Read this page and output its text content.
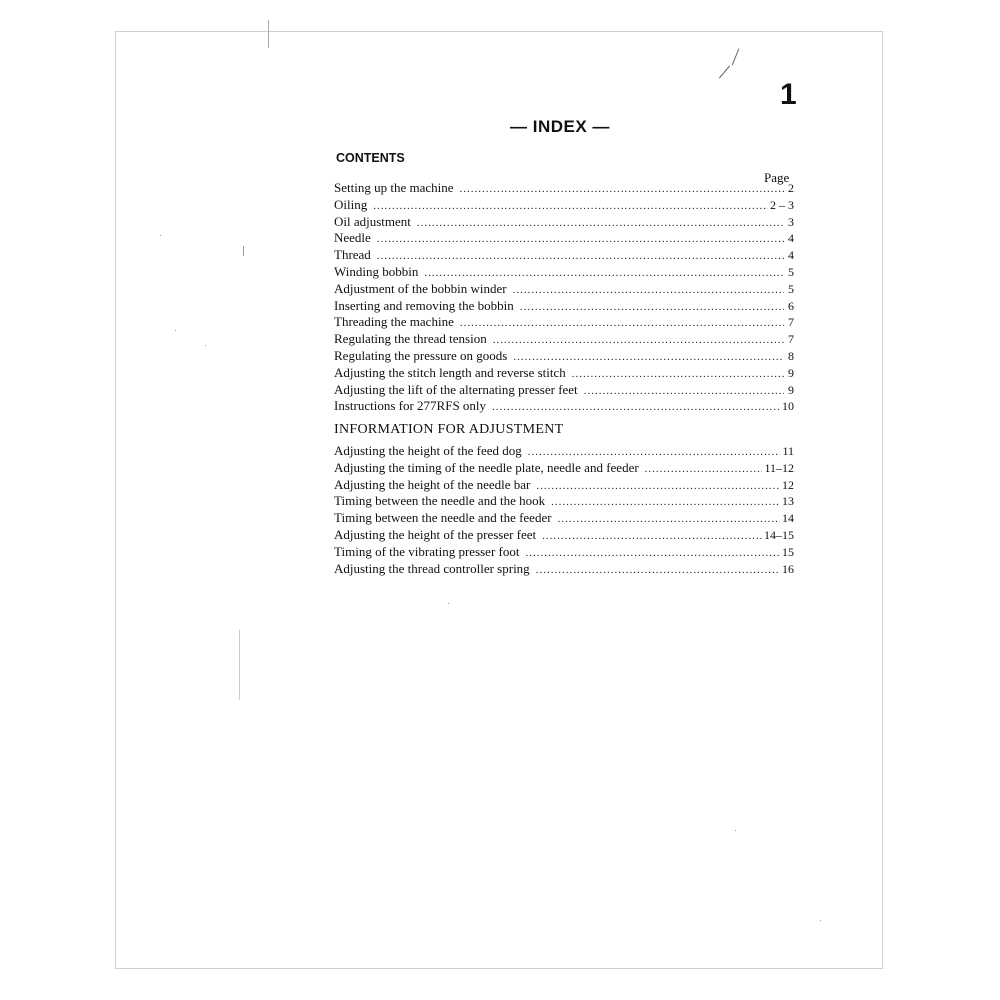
1
— INDEX —
CONTENTS
Page
Setting up the machine .....	2
Oiling .....	2 – 3
Oil adjustment .....	3
Needle .....	4
Thread .....	4
Winding bobbin .....	5
Adjustment of the bobbin winder .....	5
Inserting and removing the bobbin .....	6
Threading the machine .....	7
Regulating the thread tension .....	7
Regulating the pressure on goods .....	8
Adjusting the stitch length and reverse stitch .....	9
Adjusting the lift of the alternating presser feet .....	9
Instructions for 277RFS only .....	10
INFORMATION FOR ADJUSTMENT
Adjusting the height of the feed dog .....	11
Adjusting the timing of the needle plate, needle and feeder .....	11–12
Adjusting the height of the needle bar .....	12
Timing between the needle and the hook .....	13
Timing between the needle and the feeder .....	14
Adjusting the height of the presser feet .....	14–15
Timing of the vibrating presser foot .....	15
Adjusting the thread controller spring .....	16
